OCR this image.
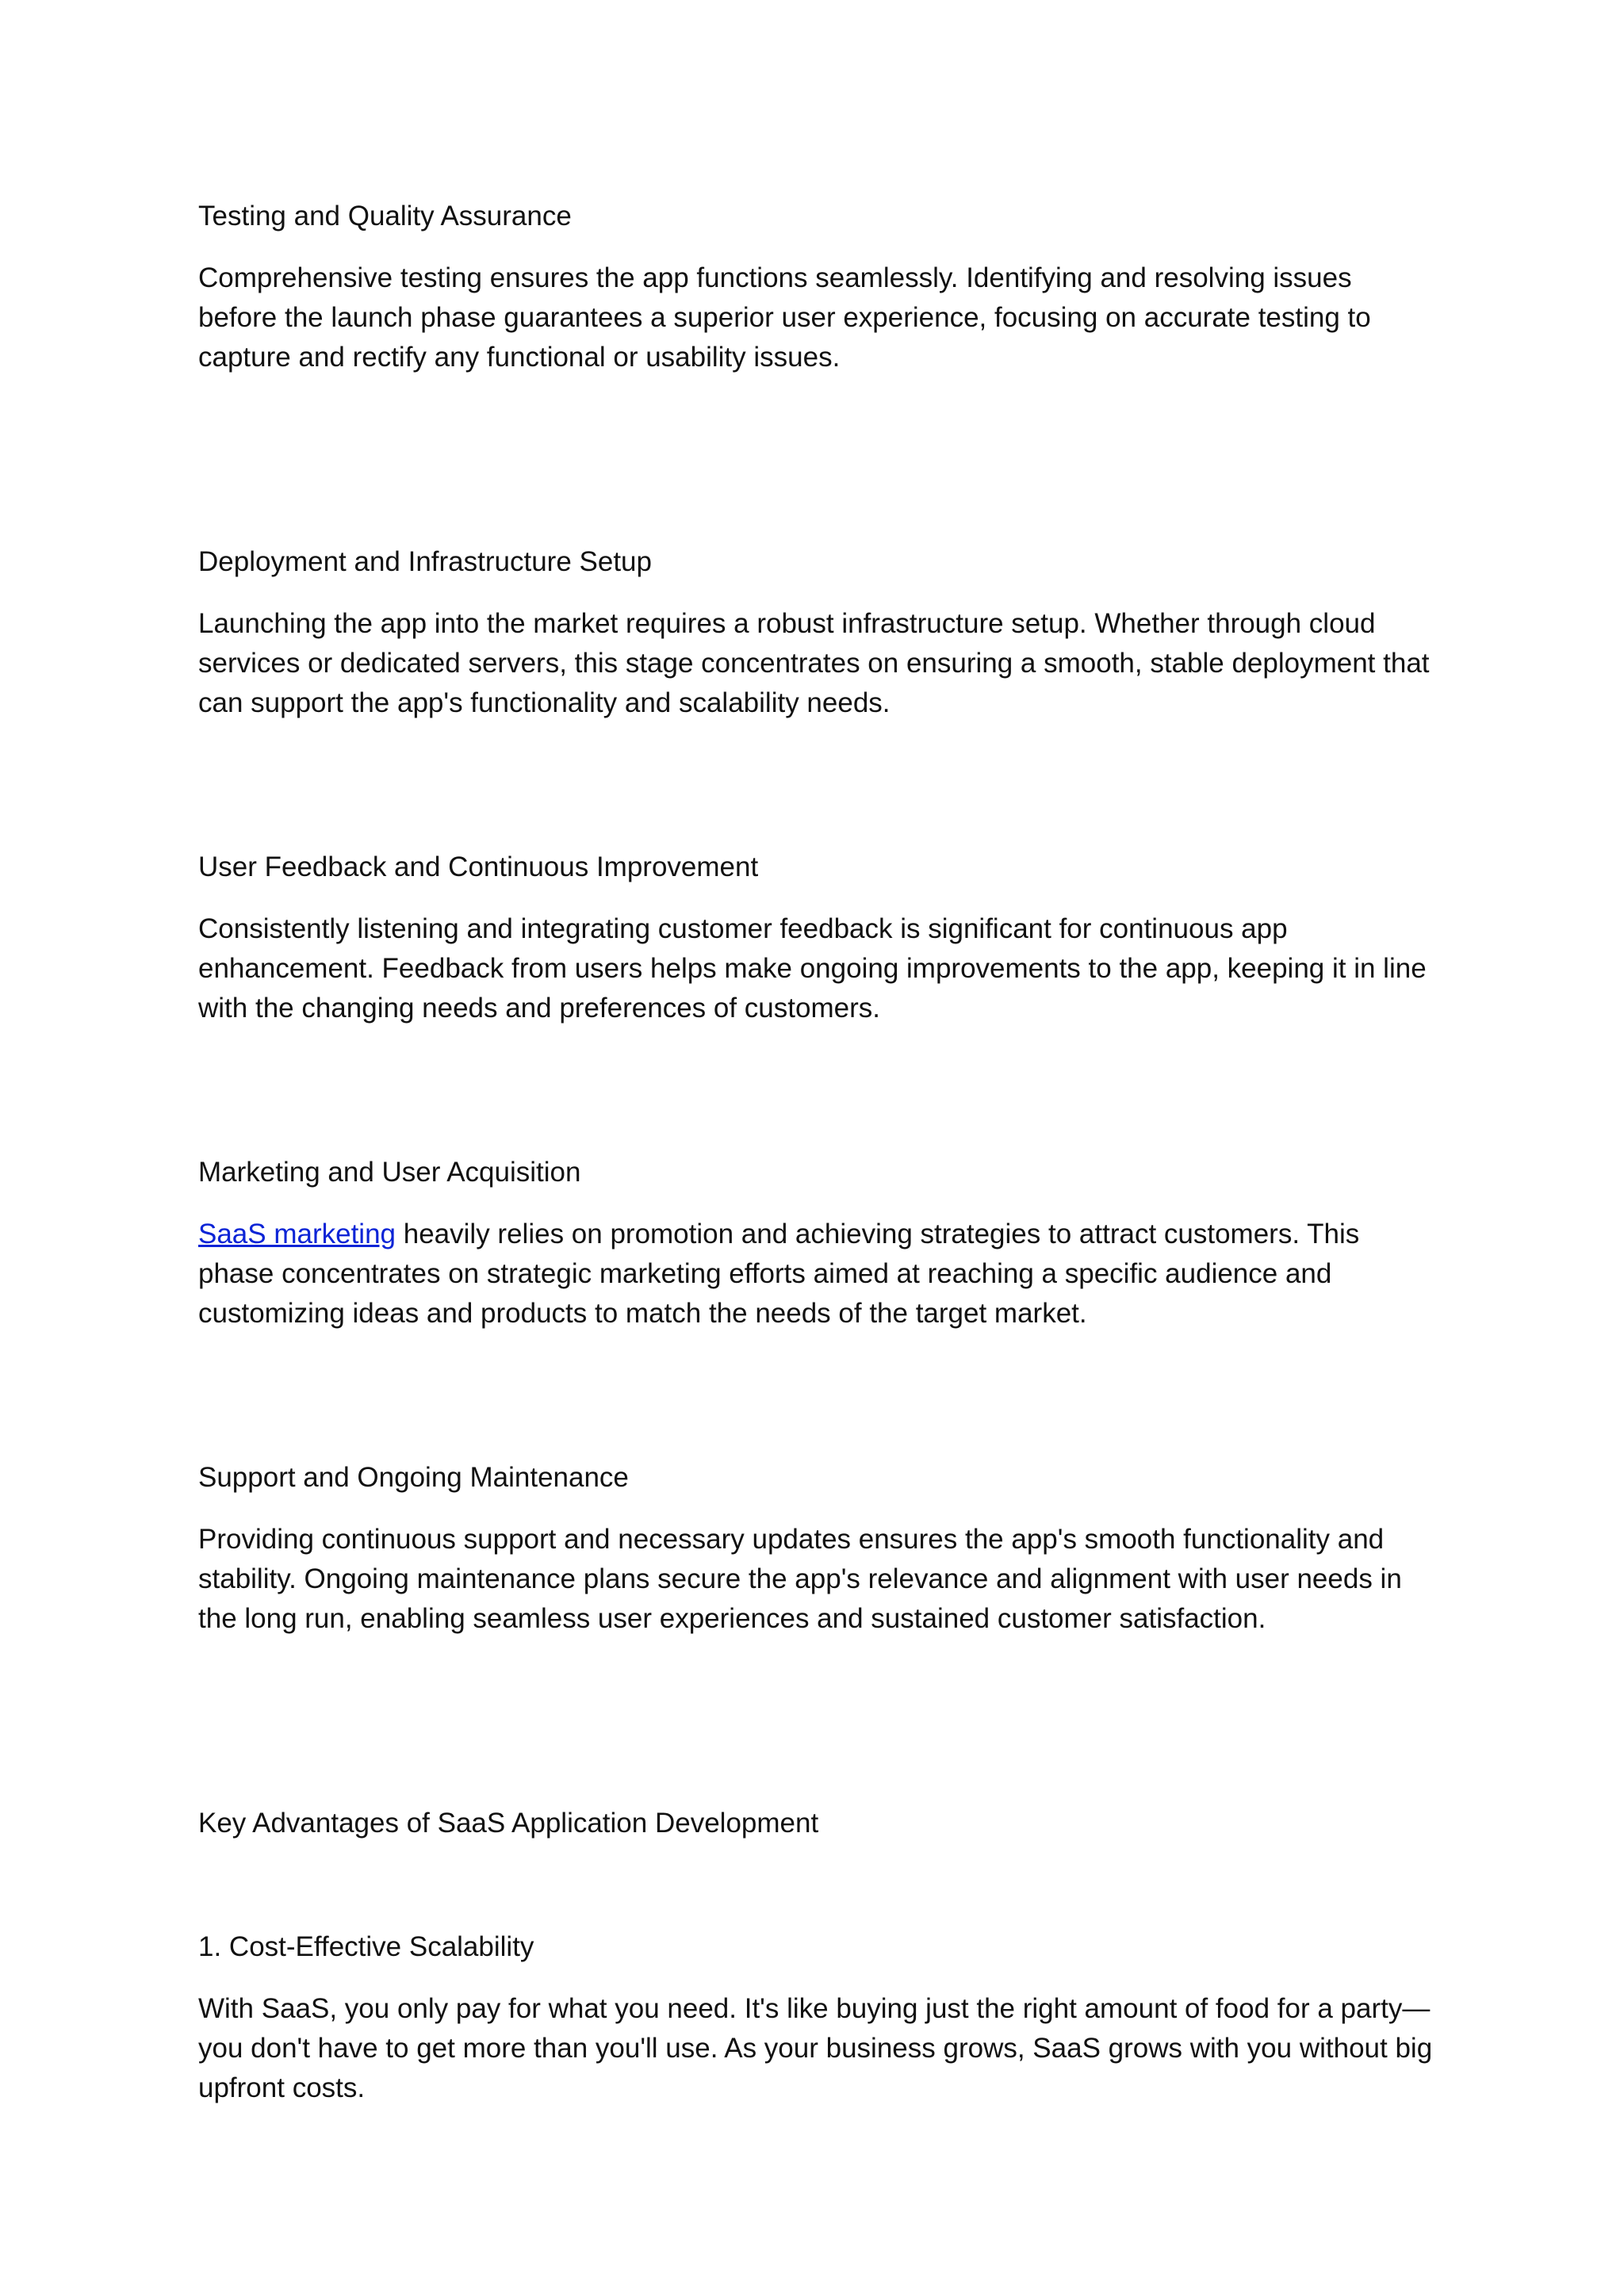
Testing and Quality Assurance

Comprehensive testing ensures the app functions seamlessly. Identifying and resolving issues before the launch phase guarantees a superior user experience, focusing on accurate testing to capture and rectify any functional or usability issues.

Deployment and Infrastructure Setup

Launching the app into the market requires a robust infrastructure setup. Whether through cloud services or dedicated servers, this stage concentrates on ensuring a smooth, stable deployment that can support the app's functionality and scalability needs.

User Feedback and Continuous Improvement

Consistently listening and integrating customer feedback is significant for continuous app enhancement. Feedback from users helps make ongoing improvements to the app, keeping it in line with the changing needs and preferences of customers.

Marketing and User Acquisition

SaaS marketing heavily relies on promotion and achieving strategies to attract customers. This phase concentrates on strategic marketing efforts aimed at reaching a specific audience and customizing ideas and products to match the needs of the target market.

Support and Ongoing Maintenance

Providing continuous support and necessary updates ensures the app's smooth functionality and stability. Ongoing maintenance plans secure the app's relevance and alignment with user needs in the long run, enabling seamless user experiences and sustained customer satisfaction.

Key Advantages of SaaS Application Development
1. Cost-Effective Scalability

With SaaS, you only pay for what you need. It's like buying just the right amount of food for a party—you don't have to get more than you'll use. As your business grows, SaaS grows with you without big upfront costs.
